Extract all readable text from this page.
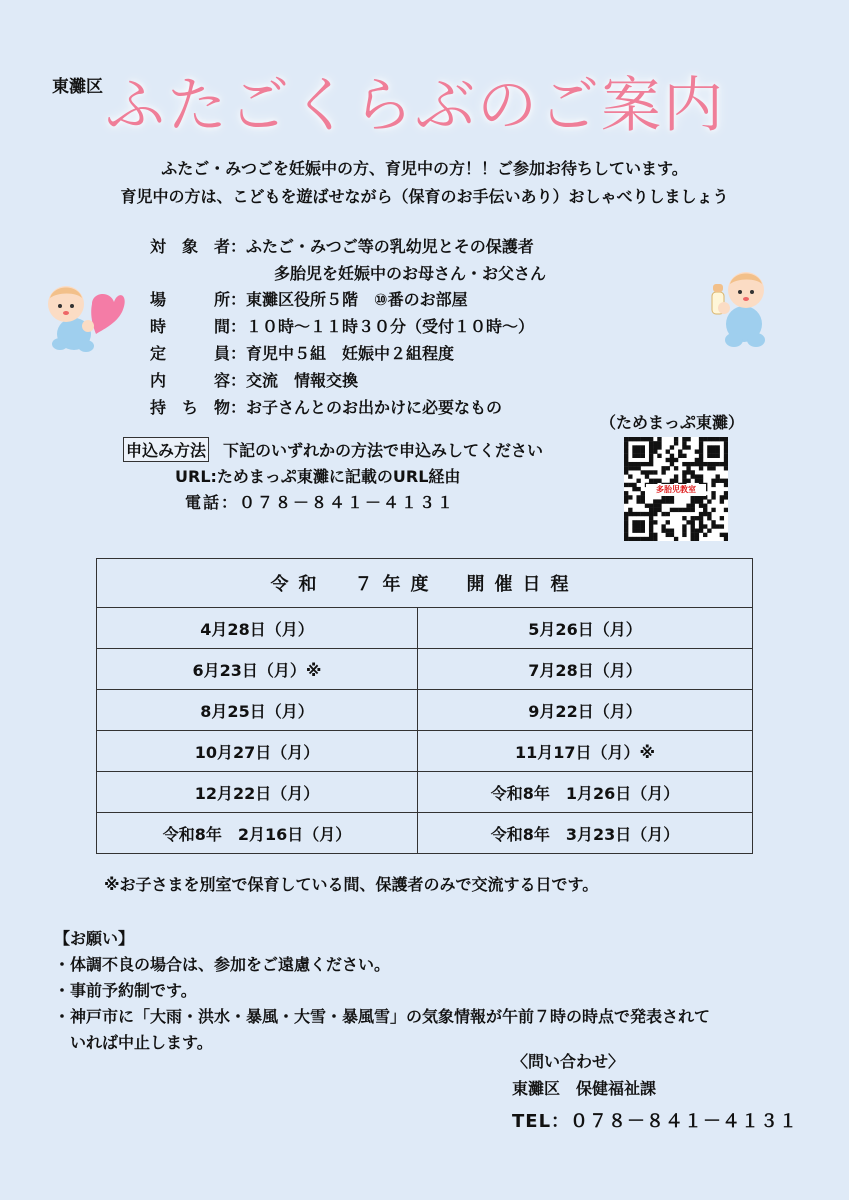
東灘区 ふたごくらぶのご案内
ふたご・みつごを妊娠中の方、育児中の方！！ご参加お待ちしています。
育児中の方は、こどもを遊ばせながら（保育のお手伝いあり）おしゃべりしましょう
対　象　者： ふたご・みつご等の乳幼児とその保護者
多胎児を妊娠中のお母さん・お父さん
場　　　所： 東灘区役所５階　⑩番のお部屋
時　　　間： １０時～１１時３０分（受付１０時～）
定　　　員： 育児中５組　妊娠中２組程度
内　　　容： 交流　情報交換
持　ち　物： お子さんとのお出かけに必要なもの
（ためまっぷ東灘）
多胎児教室
申込み方法	下記のいずれかの方法で申込みしてください
URL:ためまっぷ東灘に記載のURL経由
電話：０７８－８４１－４１３１
令和　７年度　開催日程	
4月28日（月）	5月26日（月）
6月23日（月）※	7月28日（月）
8月25日（月）	9月22日（月）
10月27日（月）	11月17日（月）※
12月22日（月）	令和8年　1月26日（月）
令和8年　2月16日（月）	令和8年　3月23日（月）
※お子さまを別室で保育している間、保護者のみで交流する日です。
【お願い】
・体調不良の場合は、参加をご遠慮ください。
・事前予約制です。
・神戸市に「大雨・洪水・暴風・大雪・暴風雪」の気象情報が午前７時の時点で発表されて
いれば中止します。
〈問い合わせ〉
東灘区　保健福祉課
TEL：０７８－８４１－４１３１
